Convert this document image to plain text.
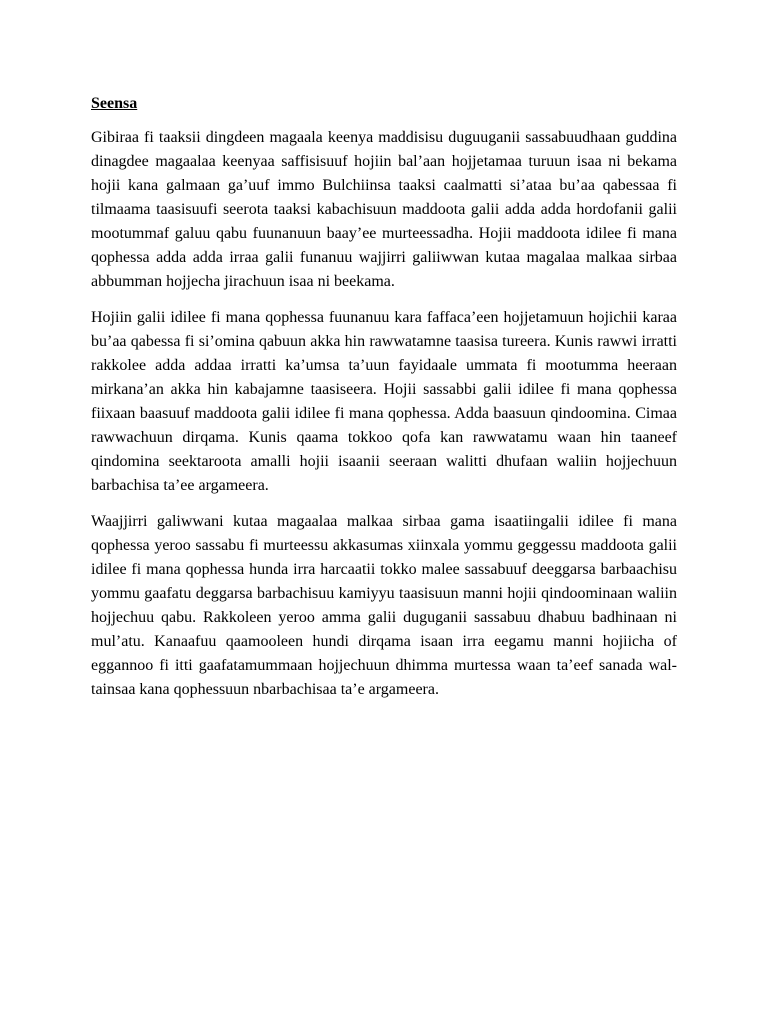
Seensa

Gibiraa fi taaksii dingdeen magaala keenya maddisisu duguuganii sassabuudhaan guddina dinagdee magaalaa keenyaa saffisisuuf hojiin bal’aan hojjetamaa turuun isaa ni bekama hojii kana galmaan ga’uuf immo Bulchiinsa taaksi caalmatti si’ataa bu’aa qabessaa fi tilmaama taasisuufi seerota taaksi kabachisuun maddoota galii adda adda hordofanii galii mootummaf galuu qabu fuunanuun baay’ee murteessadha. Hojii maddoota idilee fi mana qophessa adda adda irraa galii funanuu wajjirri galiiwwan kutaa magalaa malkaa sirbaa abbumman hojjecha jirachuun isaa ni beekama.

Hojiin galii idilee fi mana qophessa fuunanuu kara faffaca’een hojjetamuun hojichii karaa bu’aa qabessa fi si’omina qabuun akka hin rawwatamne taasisa tureera. Kunis rawwi irratti rakkolee adda addaa irratti ka’umsa ta’uun fayidaale ummata fi mootumma heeraan mirkana’an akka hin kabajamne taasiseera. Hojii sassabbi galii idilee fi mana qophessa fiixaan baasuuf maddoota galii idilee fi mana qophessa. Adda baasuun qindoomina. Cimaa rawwachuun dirqama. Kunis qaama tokkoo qofa kan rawwatamu waan hin taaneef qindomina seektaroota amalli hojii isaanii seeraan walitti dhufaan waliin hojjechuun barbachisa ta’ee argameera.

Waajjirri galiwwani kutaa magaalaa malkaa sirbaa gama isaatiingalii idilee fi mana qophessa yeroo sassabu fi murteessu akkasumas xiinxala yommu geggessu maddoota galii idilee fi mana qophessa hunda irra harcaatii tokko malee sassabuuf deeggarsa barbaachisu yommu gaafatu deggarsa barbachisuu kamiyyu taasisuun manni hojii qindoominaan waliin hojjechuu qabu. Rakkoleen yeroo amma galii duguganii sassabuu dhabuu badhinaan ni mul’atu. Kanaafuu qaamooleen hundi dirqama isaan irra eegamu manni hojiicha of eggannoo fi itti gaafatamummaan hojjechuun dhimma murtessa waan ta’eef sanada wal-tainsaa kana qophessuun nbarbachisaa ta’e argameera.
